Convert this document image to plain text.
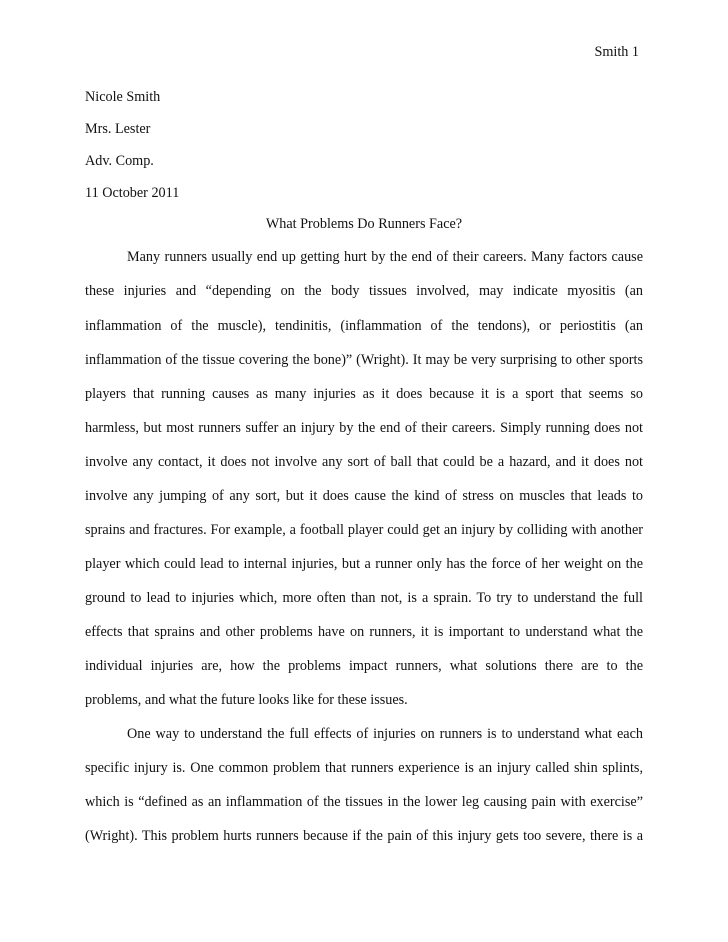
Smith 1
Nicole Smith
Mrs. Lester
Adv. Comp.
11 October 2011
What Problems Do Runners Face?
Many runners usually end up getting hurt by the end of their careers. Many factors cause
these injuries and “depending on the body tissues involved, may indicate myositis (an
inflammation of the muscle), tendinitis, (inflammation of the tendons), or periostitis (an
inflammation of the tissue covering the bone)” (Wright). It may be very surprising to other sports
players that running causes as many injuries as it does because it is a sport that seems so
harmless, but most runners suffer an injury by the end of their careers. Simply running does not
involve any contact, it does not involve any sort of ball that could be a hazard, and it does not
involve any jumping of any sort, but it does cause the kind of stress on muscles that leads to
sprains and fractures. For example, a football player could get an injury by colliding with another
player which could lead to internal injuries, but a runner only has the force of her weight on the
ground to lead to injuries which, more often than not, is a sprain. To try to understand the full
effects that sprains and other problems have on runners, it is important to understand what the
individual injuries are, how the problems impact runners, what solutions there are to the
problems, and what the future looks like for these issues.
One way to understand the full effects of injuries on runners is to understand what each
specific injury is. One common problem that runners experience is an injury called shin splints,
which is “defined as an inflammation of the tissues in the lower leg causing pain with exercise”
(Wright). This problem hurts runners because if the pain of this injury gets too severe, there is a
